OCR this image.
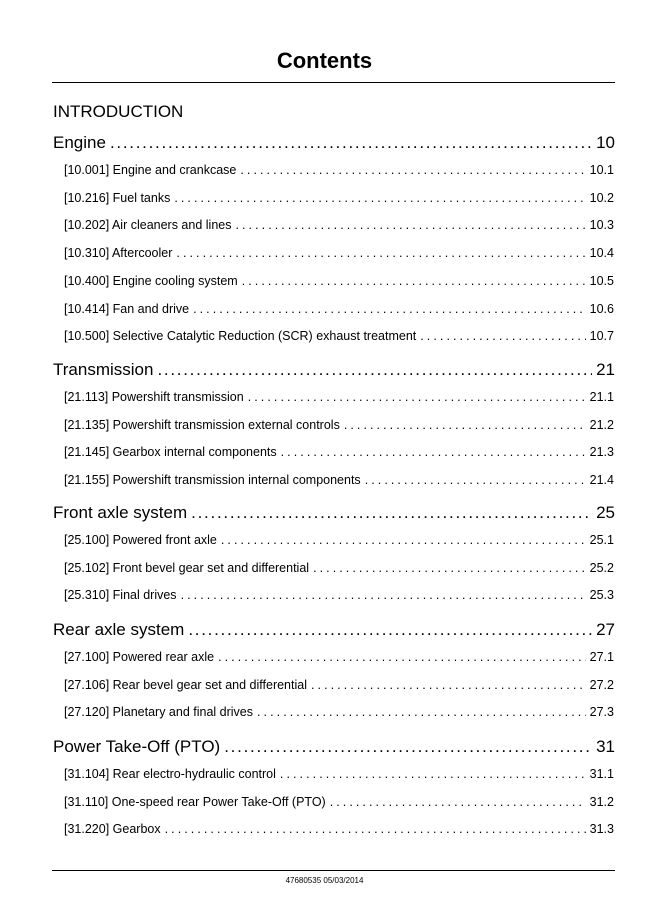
Contents
INTRODUCTION
Engine . . .	10
[10.001] Engine and crankcase . . .	10.1
[10.216] Fuel tanks . . .	10.2
[10.202] Air cleaners and lines . . .	10.3
[10.310] Aftercooler . . .	10.4
[10.400] Engine cooling system . . .	10.5
[10.414] Fan and drive . . .	10.6
[10.500] Selective Catalytic Reduction (SCR) exhaust treatment . . .	10.7
Transmission . . .	21
[21.113] Powershift transmission . . .	21.1
[21.135] Powershift transmission external controls . . .	21.2
[21.145] Gearbox internal components . . .	21.3
[21.155] Powershift transmission internal components . . .	21.4
Front axle system . . .	25
[25.100] Powered front axle . . .	25.1
[25.102] Front bevel gear set and differential . . .	25.2
[25.310] Final drives . . .	25.3
Rear axle system . . .	27
[27.100] Powered rear axle . . .	27.1
[27.106] Rear bevel gear set and differential . . .	27.2
[27.120] Planetary and final drives . . .	27.3
Power Take-Off (PTO) . . .	31
[31.104] Rear electro-hydraulic control . . .	31.1
[31.110] One-speed rear Power Take-Off (PTO) . . .	31.2
[31.220] Gearbox . . .	31.3
47680535 05/03/2014
